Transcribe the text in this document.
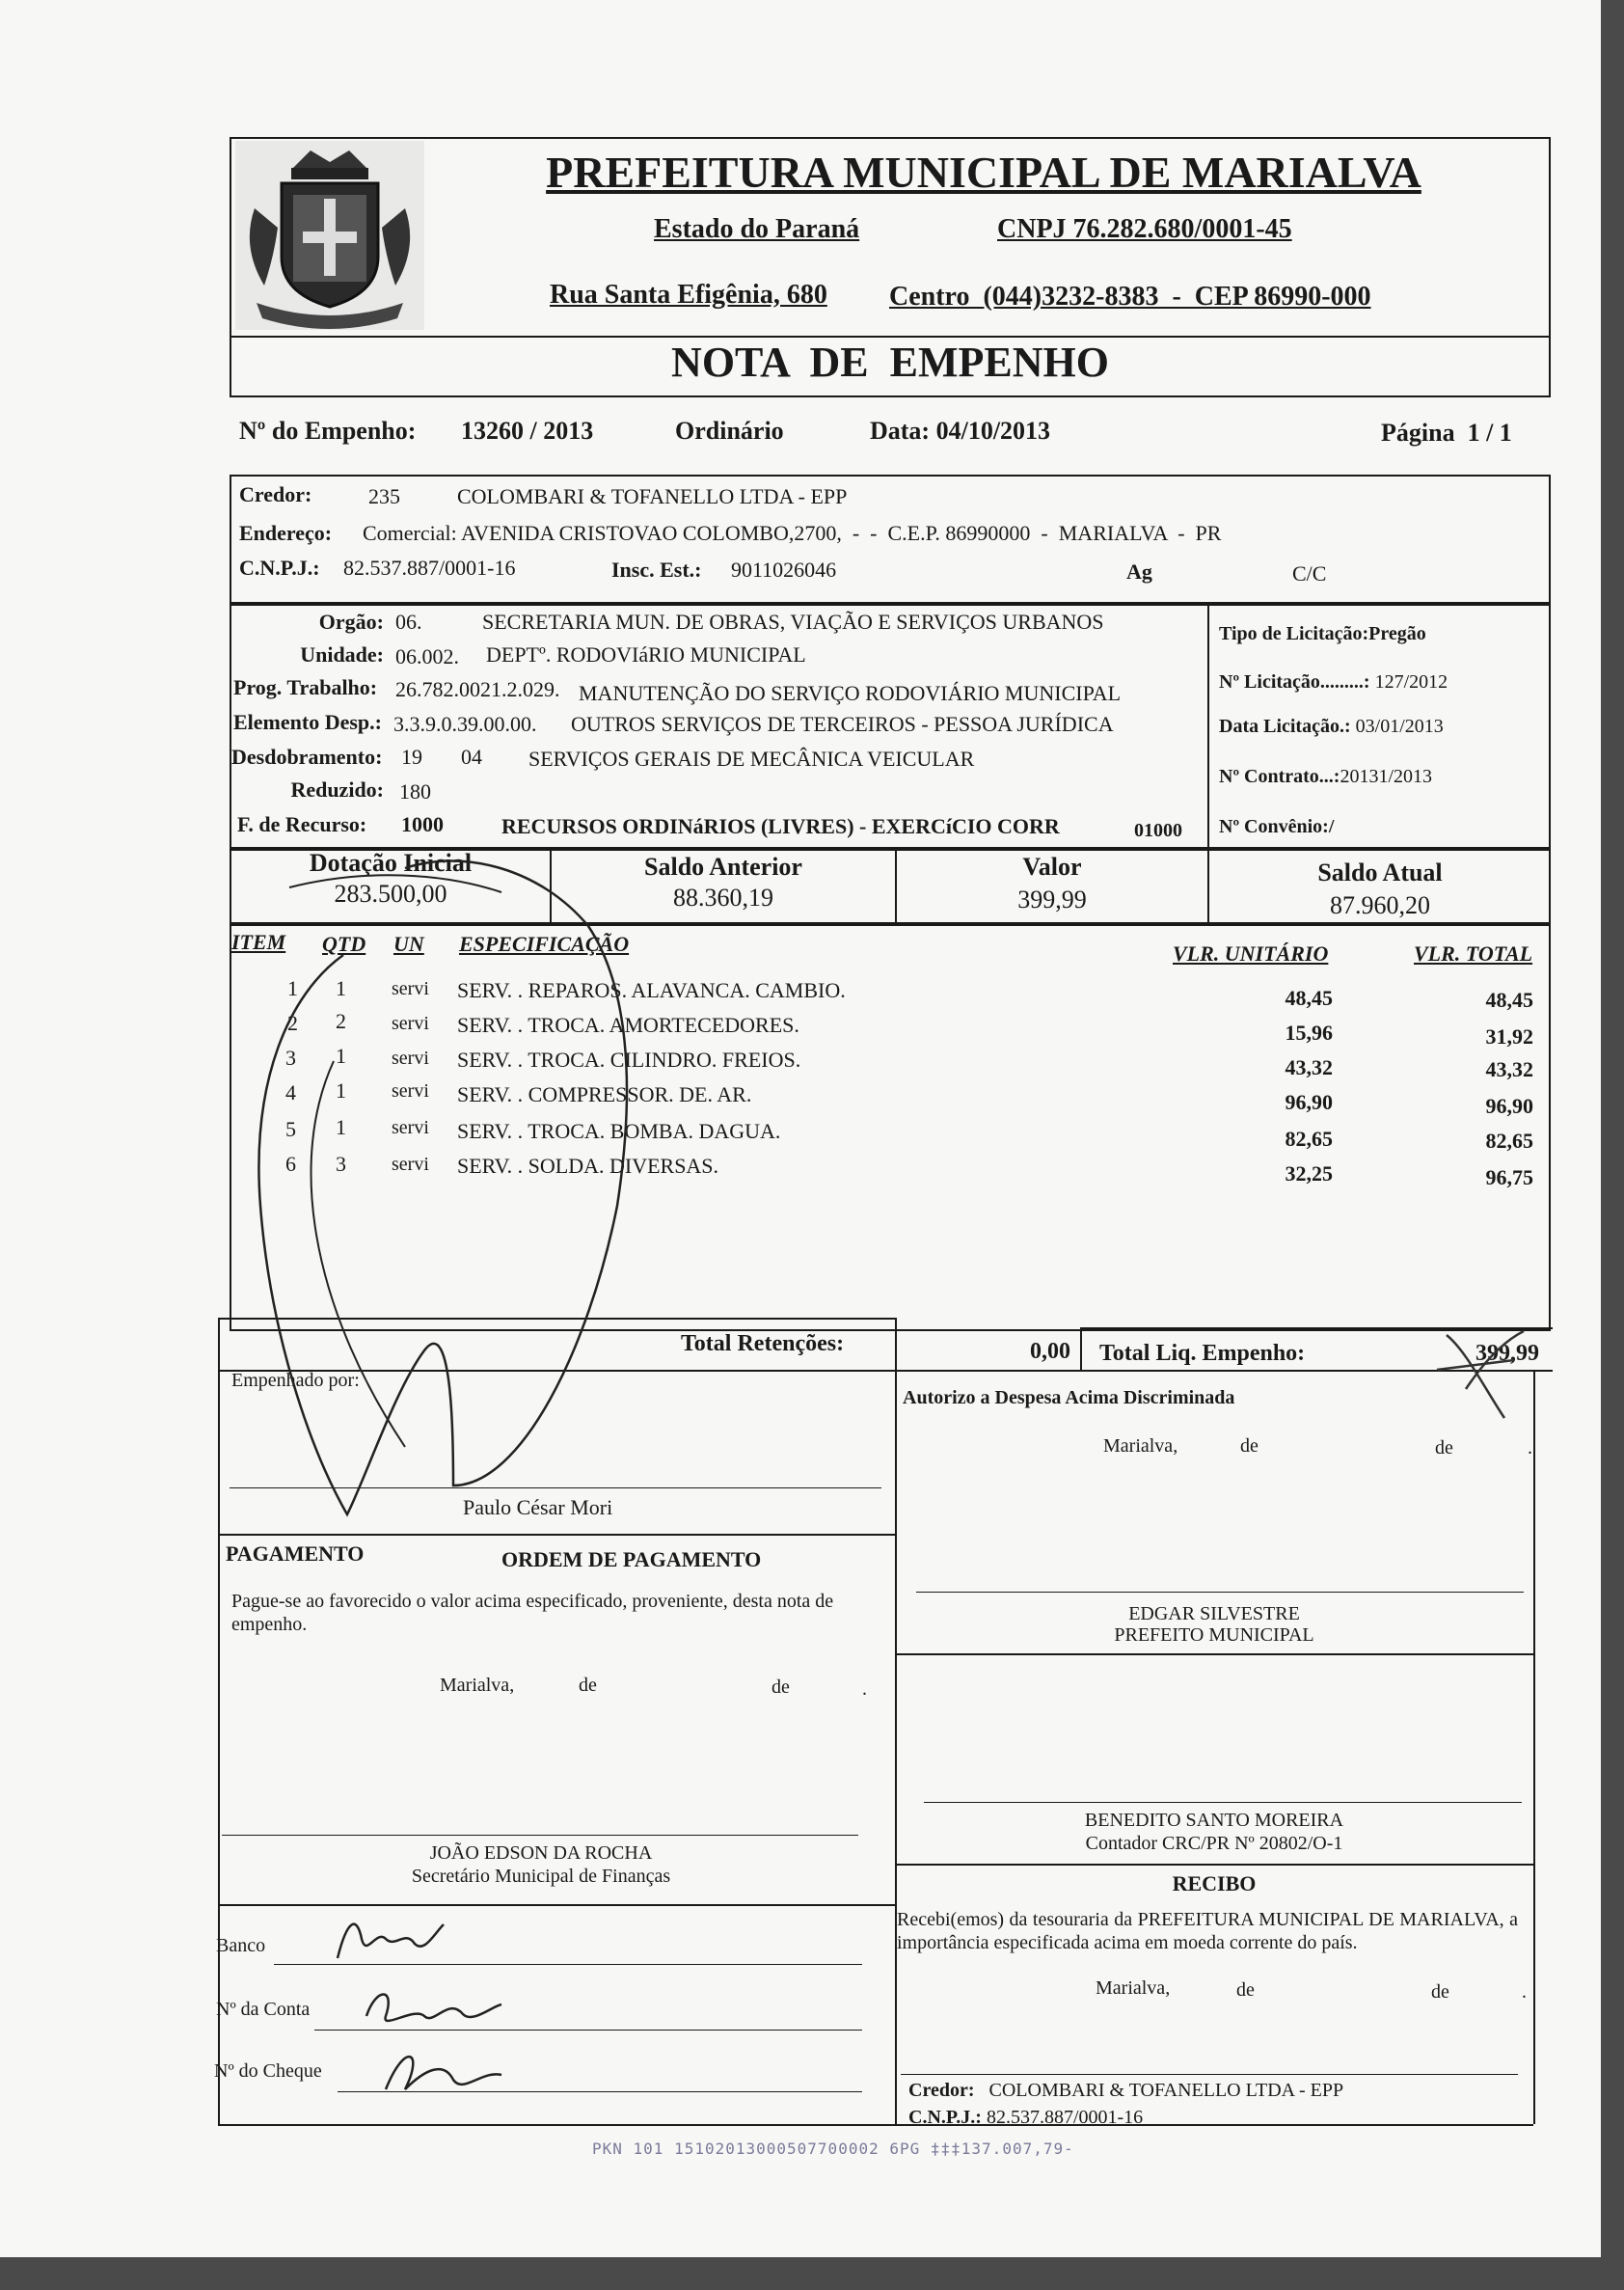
PREFEITURA MUNICIPAL DE MARIALVA
Estado do Paraná	CNPJ 76.282.680/0001-45
Rua Santa Efigênia, 680 Centro  (044)3232-8383  -  CEP 86990-000
NOTA  DE  EMPENHO
Nº do Empenho: 13260 / 2013	Ordinário	Data: 04/10/2013	Página  1 / 1
Credor:	235	COLOMBARI & TOFANELLO LTDA - EPP
Endereço: Comercial: AVENIDA CRISTOVAO COLOMBO,2700,  -  -  C.E.P. 86990000  -  MARIALVA  -  PR
C.N.P.J.: 82.537.887/0001-16	Insc. Est.: 9011026046	Ag	C/C
Orgão: 06.	SECRETARIA MUN. DE OBRAS, VIAÇÃO E SERVIÇOS URBANOS
Unidade: 06.002. DEPTº. RODOVIáRIO MUNICIPAL
Prog. Trabalho: 26.782.0021.2.029. MANUTENÇÃO DO SERVIÇO RODOVIÁRIO MUNICIPAL
Elemento Desp.: 3.3.9.0.39.00.00. OUTROS SERVIÇOS DE TERCEIROS - PESSOA JURÍDICA
Desdobramento: 19 04 SERVIÇOS GERAIS DE MECÂNICA VEICULAR
Reduzido: 180
F. de Recurso: 1000	RECURSOS ORDINáRIOS (LIVRES) - EXERCíCIO CORR	01000
Tipo de Licitação:Pregão
Nº Licitação.........: 127/2012
Data Licitação.: 03/01/2013
Nº Contrato...:20131/2013
Nº Convênio:/
Dotação Inicial
283.500,00
Saldo Anterior
88.360,19
Valor
399,99
Saldo Atual
87.960,20
ITEM QTD UN ESPECIFICAÇÃO	VLR. UNITÁRIO	VLR. TOTAL
1 1 servi SERV. . REPAROS. ALAVANCA. CAMBIO.	48,45	48,45
2 2 servi SERV. . TROCA. AMORTECEDORES.	15,96	31,92
3 1 servi SERV. . TROCA. CILINDRO. FREIOS.	43,32	43,32
4 1 servi SERV. . COMPRESSOR. DE. AR.	96,90	96,90
5 1 servi SERV. . TROCA. BOMBA. DAGUA.	82,65	82,65
6 3 servi SERV. . SOLDA. DIVERSAS.	32,25	96,75
Total Retenções:	0,00 Total Liq. Empenho:	399,99
Empenhado por:
Paulo César Mori
PAGAMENTO	ORDEM DE PAGAMENTO
Pague-se ao favorecido o valor acima especificado, proveniente, desta nota de empenho.
Marialva,	de	de	.
JOÃO EDSON DA ROCHA
Secretário Municipal de Finanças
Banco
Nº da Conta
Nº do Cheque
Autorizo a Despesa Acima Discriminada
Marialva,	de	de	.
EDGAR SILVESTRE
PREFEITO MUNICIPAL
BENEDITO SANTO MOREIRA
Contador CRC/PR Nº 20802/O-1
RECIBO
Recebi(emos) da tesouraria da PREFEITURA MUNICIPAL DE MARIALVA, a importância especificada acima em moeda corrente do país.
Marialva,	de	de	.
Credor: COLOMBARI & TOFANELLO LTDA - EPP
C.N.P.J.: 82.537.887/0001-16
PKN 101 15102013000507700002 6PG ‡‡‡137.007,79-
